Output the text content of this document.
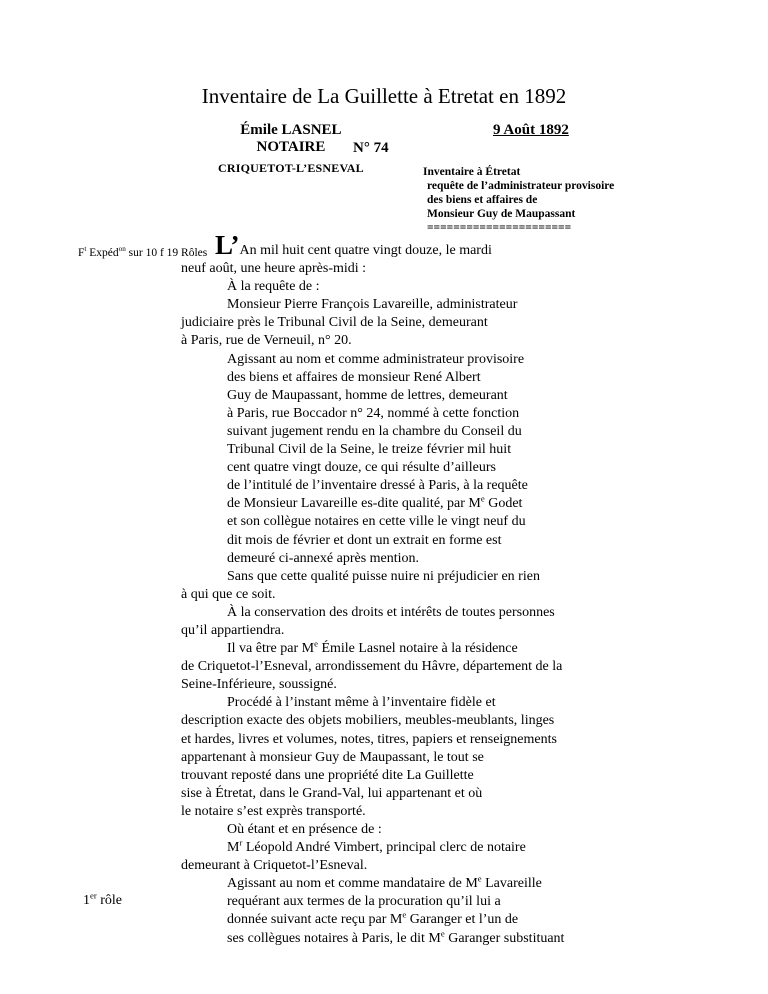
Inventaire de La Guillette à Etretat en 1892
Émile LASNEL
NOTAIRE
CRIQUETOT-L’ESNEVAL
N° 74
9 Août 1892
Inventaire à Étretat
requête de l’administrateur provisoire
des biens et affaires de
Monsieur Guy de Maupassant
======================
$F^t$ Expéd$^{on}$ sur 10 f 19 Rôles
1er rôle
L’An mil huit cent quatre vingt douze, le mardi
neuf août, une heure après-midi :
À la requête de :
Monsieur Pierre François Lavareille, administrateur
judiciaire près le Tribunal Civil de la Seine, demeurant
à Paris, rue de Verneuil, n° 20.
Agissant au nom et comme administrateur provisoire
des biens et affaires de monsieur René Albert
Guy de Maupassant, homme de lettres, demeurant
à Paris, rue Boccador n° 24, nommé à cette fonction
suivant jugement rendu en la chambre du Conseil du
Tribunal Civil de la Seine, le treize février mil huit
cent quatre vingt douze, ce qui résulte d’ailleurs
de l’intitulé de l’inventaire dressé à Paris, à la requête
de Monsieur Lavareille es-dite qualité, par Me Godet
et son collègue notaires en cette ville le vingt neuf du
dit mois de février et dont un extrait en forme est
demeuré ci-annexé après mention.
Sans que cette qualité puisse nuire ni préjudicier en rien
à qui que ce soit.
À la conservation des droits et intérêts de toutes personnes
qu’il appartiendra.
Il va être par Me Émile Lasnel notaire à la résidence
de Criquetot-l’Esneval, arrondissement du Hâvre, département de la
Seine-Inférieure, soussigné.
Procédé à l’instant même à l’inventaire fidèle et
description exacte des objets mobiliers, meubles-meublants, linges
et hardes, livres et volumes, notes, titres, papiers et renseignements
appartenant à monsieur Guy de Maupassant, le tout se
trouvant reposté dans une propriété dite La Guillette
sise à Étretat, dans le Grand-Val, lui appartenant et où
le notaire s’est exprès transporté.
Où étant et en présence de :
$M^r$ Léopold André Vimbert, principal clerc de notaire
demeurant à Criquetot-l’Esneval.
Agissant au nom et comme mandataire de Me Lavareille
requérant aux termes de la procuration qu’il lui a
donnée suivant acte reçu par Me Garanger et l’un de
ses collègues notaires à Paris, le dit Me Garanger substituant
